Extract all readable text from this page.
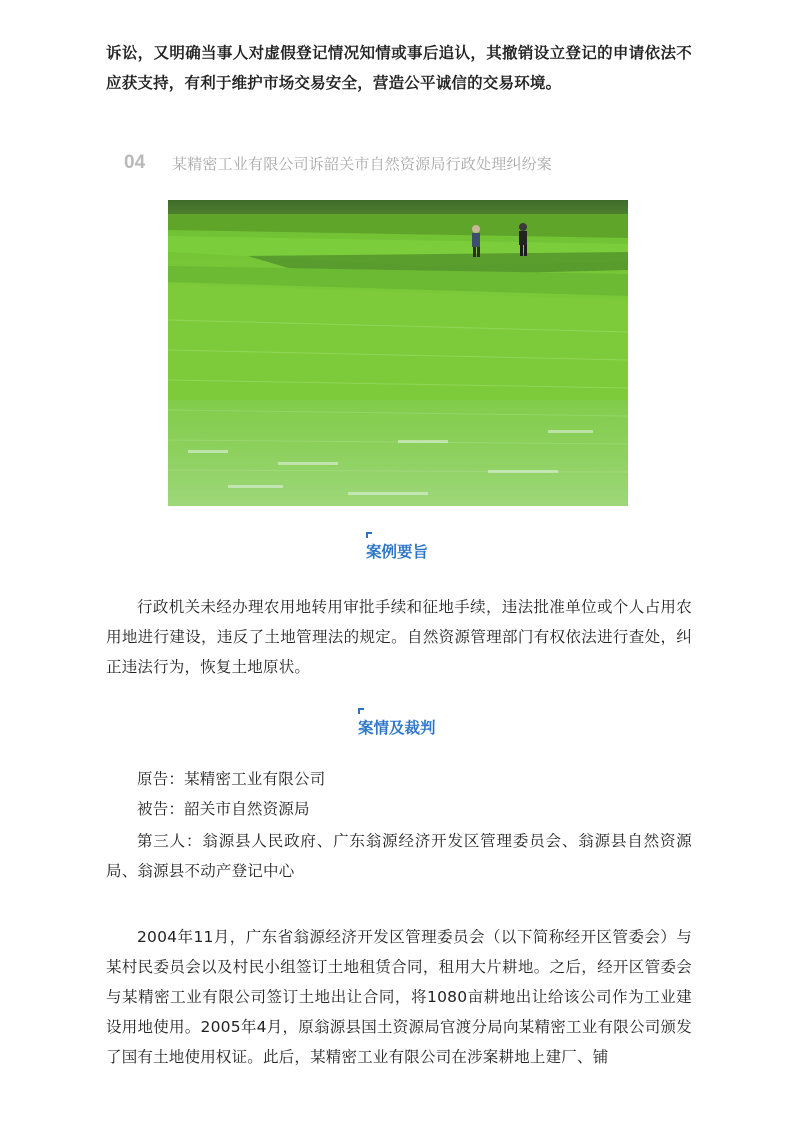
诉讼，又明确当事人对虚假登记情况知情或事后追认，其撤销设立登记的申请依法不应获支持，有利于维护市场交易安全，营造公平诚信的交易环境。

04	某精密工业有限公司诉韶关市自然资源局行政处理纠纷案
案例要旨

行政机关未经办理农用地转用审批手续和征地手续，违法批准单位或个人占用农用地进行建设，违反了土地管理法的规定。自然资源管理部门有权依法进行查处，纠正违法行为，恢复土地原状。

案情及裁判

原告：某精密工业有限公司

被告：韶关市自然资源局

第三人：翁源县人民政府、广东翁源经济开发区管理委员会、翁源县自然资源局、翁源县不动产登记中心

2004年11月，广东省翁源经济开发区管理委员会（以下简称经开区管委会）与某村民委员会以及村民小组签订土地租赁合同，租用大片耕地。之后，经开区管委会与某精密工业有限公司签订土地出让合同，将1080亩耕地出让给该公司作为工业建设用地使用。2005年4月，原翁源县国土资源局官渡分局向某精密工业有限公司颁发了国有土地使用权证。此后，某精密工业有限公司在涉案耕地上建厂、铺
